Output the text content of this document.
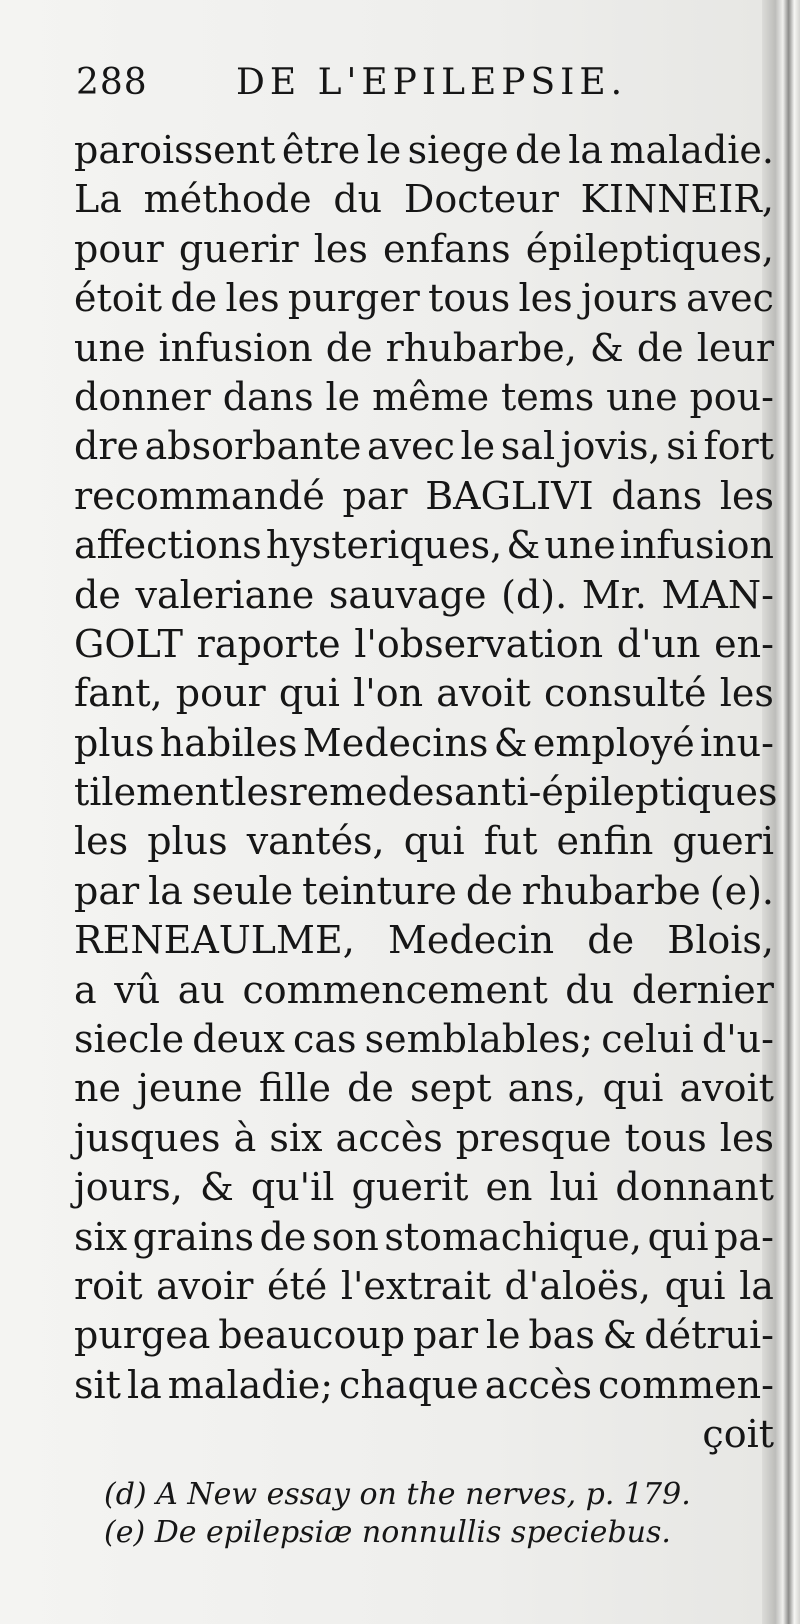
288 DE L'EPILEPSIE.
paroissent être le siege de la maladie.
La méthode du Docteur KINNEIR,
pour guerir les enfans épileptiques,
étoit de les purger tous les jours avec
une infusion de rhubarbe, & de leur
donner dans le même tems une pou-
dre absorbante avec le sal jovis, si fort
recommandé par BAGLIVI dans les
affections hysteriques, & une infusion
de valeriane sauvage (d). Mr. MAN-
GOLT raporte l'observation d'un en-
fant, pour qui l'on avoit consulté les
plus habiles Medecins & employé inu-
tilement les remedes anti-épileptiques
les plus vantés, qui fut enfin gueri
par la seule teinture de rhubarbe (e).
RENEAULME, Medecin de Blois,
a vû au commencement du dernier
siecle deux cas semblables; celui d'u-
ne jeune fille de sept ans, qui avoit
jusques à six accès presque tous les
jours, & qu'il guerit en lui donnant
six grains de son stomachique, qui pa-
roit avoir été l'extrait d'aloës, qui la
purgea beaucoup par le bas & détrui-
sit la maladie; chaque accès commen-
çoit
(d) A New essay on the nerves, p. 179.
(e) De epilepsiæ nonnullis speciebus.
